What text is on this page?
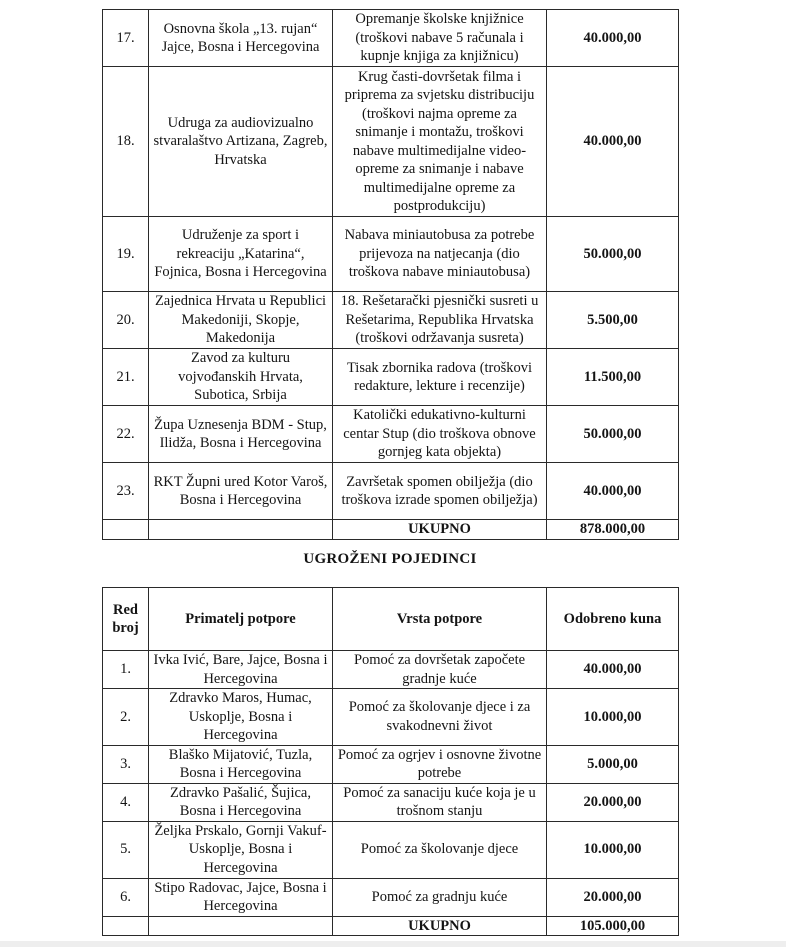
17.	Osnovna škola „13. rujan“ Jajce, Bosna i Hercegovina	Opremanje školske knjižnice (troškovi nabave 5 računala i kupnje knjiga za knjižnicu)	40.000,00
18.	Udruga za audiovizualno stvaralaštvo Artizana, Zagreb, Hrvatska	Krug časti-dovršetak filma i priprema za svjetsku distribuciju (troškovi najma opreme za snimanje i montažu, troškovi nabave multimedijalne video-opreme za snimanje i nabave multimedijalne opreme za postprodukciju)	40.000,00
19.	Udruženje za sport i rekreaciju „Katarina“, Fojnica, Bosna i Hercegovina	Nabava miniautobusa za potrebe prijevoza na natjecanja (dio troškova nabave miniautobusa)	50.000,00
20.	Zajednica Hrvata u Republici Makedoniji, Skopje, Makedonija	18. Rešetarački pjesnički susreti u Rešetarima, Republika Hrvatska (troškovi održavanja susreta)	5.500,00
21.	Zavod za kulturu vojvođanskih Hrvata, Subotica, Srbija	Tisak zbornika radova (troškovi redakture, lekture i recenzije)	11.500,00
22.	Župa Uznesenja BDM - Stup, Ilidža, Bosna i Hercegovina	Katolički edukativno-kulturni centar Stup (dio troškova obnove gornjeg kata objekta)	50.000,00
23.	RKT Župni ured Kotor Varoš, Bosna i Hercegovina	Završetak spomen obilježja (dio troškova izrade spomen obilježja)	40.000,00
		UKUPNO	878.000,00
UGROŽENI POJEDINCI
Red broj	Primatelj potpore	Vrsta potpore	Odobreno kuna
1.	Ivka Ivić, Bare, Jajce, Bosna i Hercegovina	Pomoć za dovršetak započete gradnje kuće	40.000,00
2.	Zdravko Maros, Humac, Uskoplje, Bosna i Hercegovina	Pomoć za školovanje djece i za svakodnevni život	10.000,00
3.	Blaško Mijatović, Tuzla, Bosna i Hercegovina	Pomoć za ogrjev i osnovne životne potrebe	5.000,00
4.	Zdravko Pašalić, Šujica, Bosna i Hercegovina	Pomoć za sanaciju kuće koja je u trošnom stanju	20.000,00
5.	Željka Prskalo, Gornji Vakuf-Uskoplje, Bosna i Hercegovina	Pomoć za školovanje djece	10.000,00
6.	Stipo Radovac, Jajce, Bosna i Hercegovina	Pomoć za gradnju kuće	20.000,00
		UKUPNO	105.000,00
